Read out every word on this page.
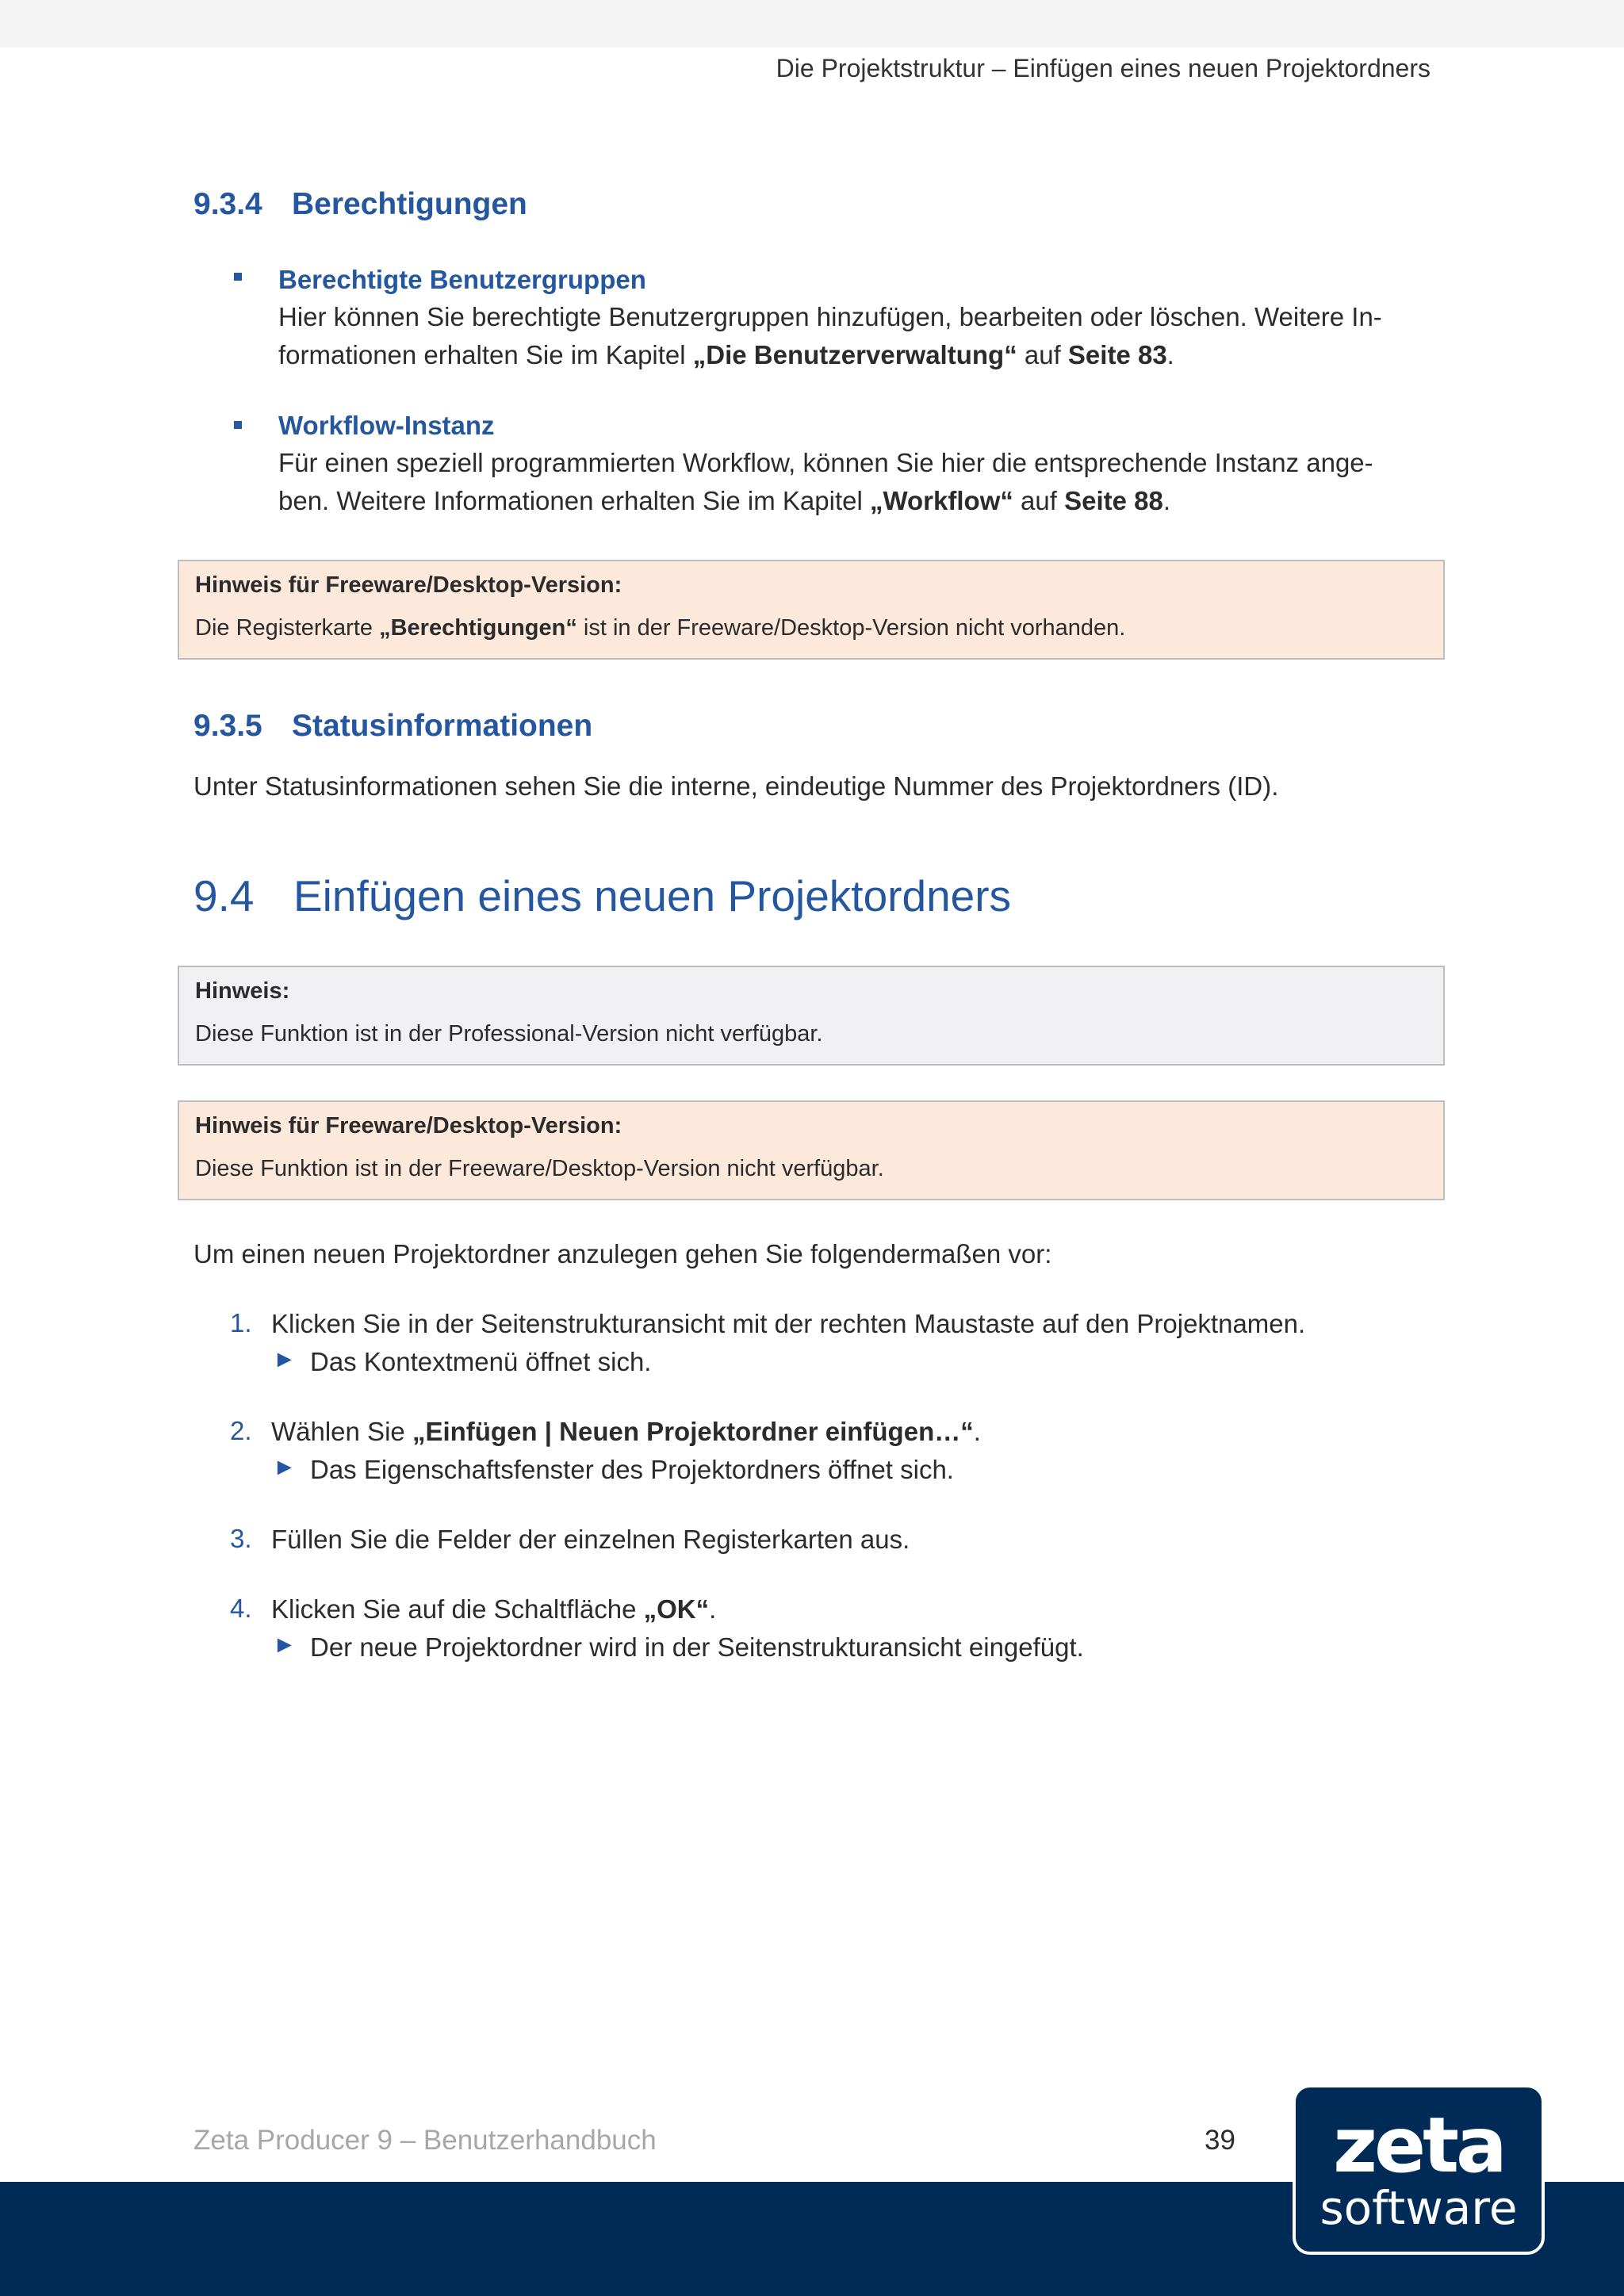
Die Projektstruktur – Einfügen eines neuen Projektordners
9.3.4 Berechtigungen
Berechtigte Benutzergruppen
Hier können Sie berechtigte Benutzergruppen hinzufügen, bearbeiten oder löschen. Weitere In-
formationen erhalten Sie im Kapitel „Die Benutzerverwaltung“ auf Seite 83.
Workflow-Instanz
Für einen speziell programmierten Workflow, können Sie hier die entsprechende Instanz ange-
ben. Weitere Informationen erhalten Sie im Kapitel „Workflow“ auf Seite 88.
Hinweis für Freeware/Desktop-Version:
Die Registerkarte „Berechtigungen“ ist in der Freeware/Desktop-Version nicht vorhanden.
9.3.5 Statusinformationen
Unter Statusinformationen sehen Sie die interne, eindeutige Nummer des Projektordners (ID).
9.4 Einfügen eines neuen Projektordners
Hinweis:
Diese Funktion ist in der Professional-Version nicht verfügbar.
Hinweis für Freeware/Desktop-Version:
Diese Funktion ist in der Freeware/Desktop-Version nicht verfügbar.
Um einen neuen Projektordner anzulegen gehen Sie folgendermaßen vor:
1. Klicken Sie in der Seitenstrukturansicht mit der rechten Maustaste auf den Projektnamen.
► Das Kontextmenü öffnet sich.
2. Wählen Sie „Einfügen | Neuen Projektordner einfügen…“.
► Das Eigenschaftsfenster des Projektordners öffnet sich.
3. Füllen Sie die Felder der einzelnen Registerkarten aus.
4. Klicken Sie auf die Schaltfläche „OK“.
► Der neue Projektordner wird in der Seitenstrukturansicht eingefügt.
Zeta Producer 9 – Benutzerhandbuch	39 zeta
software
